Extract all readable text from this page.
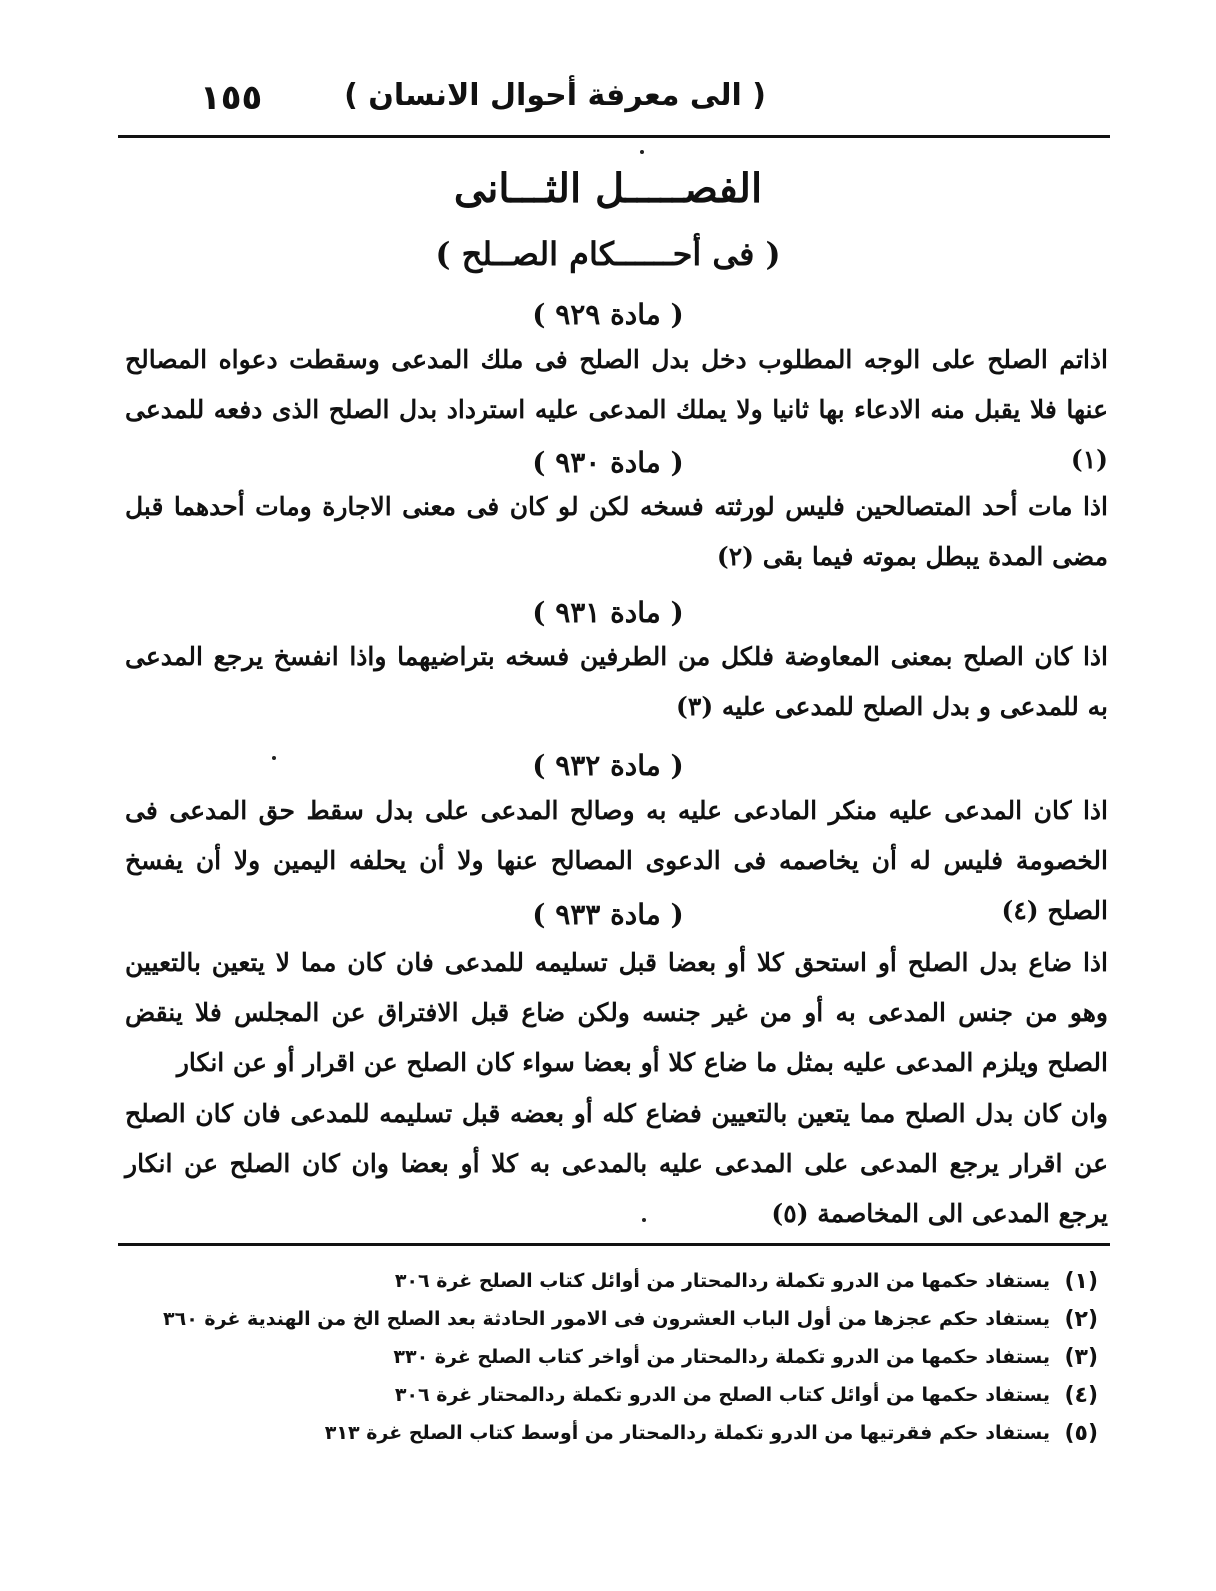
( الى معرفة أحوال الانسان )
١٥٥
الفصـــــل الثـــانى
( فى أحــــــكام الصــلح )
( مادة ٩٢٩ )
اذاتم الصلح على الوجه المطلوب دخل بدل الصلح فى ملك المدعى وسقطت دعواه المصالح عنها فلا يقبل منه الادعاء بها ثانيا ولا يملك المدعى عليه استرداد بدل الصلح الذى دفعه للمدعى (١)
( مادة ٩٣٠ )
اذا مات أحد المتصالحين فليس لورثته فسخه لكن لو كان فى معنى الاجارة ومات أحدهما قبل مضى المدة يبطل بموته فيما بقى (٢)
( مادة ٩٣١ )
اذا كان الصلح بمعنى المعاوضة فلكل من الطرفين فسخه بتراضيهما واذا انفسخ يرجع المدعى به للمدعى و بدل الصلح للمدعى عليه (٣)
( مادة ٩٣٢ )
اذا كان المدعى عليه منكر المادعى عليه به وصالح المدعى على بدل سقط حق المدعى فى الخصومة فليس له أن يخاصمه فى الدعوى المصالح عنها ولا أن يحلفه اليمين ولا أن يفسخ الصلح (٤)
( مادة ٩٣٣ )
اذا ضاع بدل الصلح أو استحق كلا أو بعضا قبل تسليمه للمدعى فان كان مما لا يتعين بالتعيين وهو من جنس المدعى به أو من غير جنسه ولكن ضاع قبل الافتراق عن المجلس فلا ينقض الصلح ويلزم المدعى عليه بمثل ما ضاع كلا أو بعضا سواء كان الصلح عن اقرار أو عن انكار
وان كان بدل الصلح مما يتعين بالتعيين فضاع كله أو بعضه قبل تسليمه للمدعى فان كان الصلح عن اقرار يرجع المدعى على المدعى عليه بالمدعى به كلا أو بعضا وان كان الصلح عن انكار يرجع المدعى الى المخاصمة (٥)
(١)
يستفاد حكمها من الدرو تكملة ردالمحتار من أوائل كتاب الصلح غرة ٣٠٦
(٢)
يستفاد حكم عجزها من أول الباب العشرون فى الامور الحادثة بعد الصلح الخ من الهندية غرة ٣٦٠
(٣)
يستفاد حكمها من الدرو تكملة ردالمحتار من أواخر كتاب الصلح غرة ٣٣٠
(٤)
يستفاد حكمها من أوائل كتاب الصلح من الدرو تكملة ردالمحتار غرة ٣٠٦
(٥)
يستفاد حكم فقرتيها من الدرو تكملة ردالمحتار من أوسط كتاب الصلح غرة ٣١٣
